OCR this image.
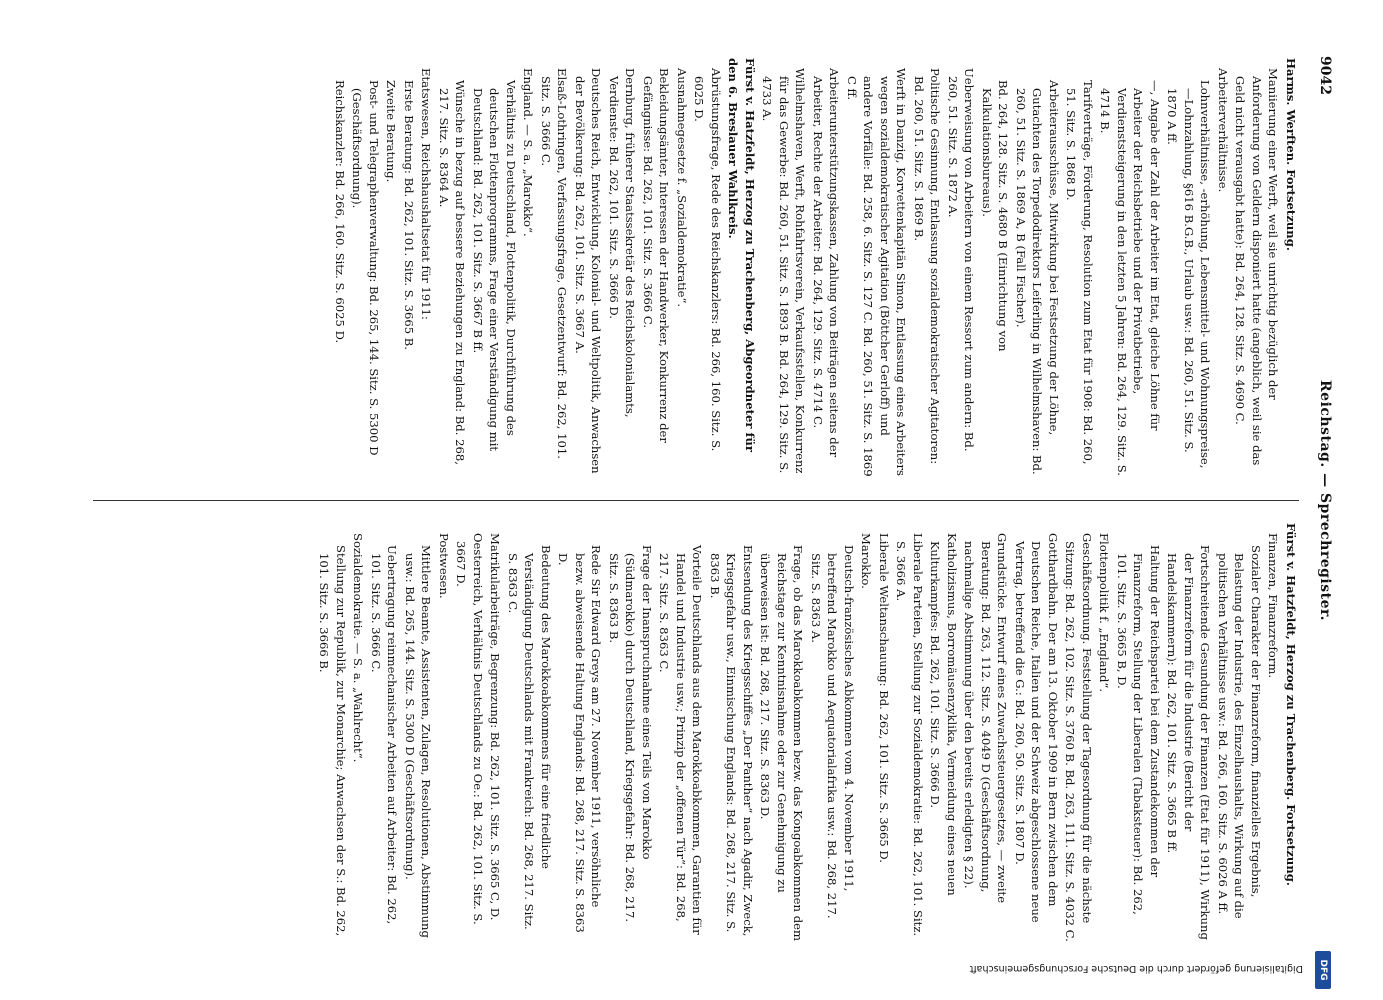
9042
Reichstag. — Sprechregister.
Harms. Werften. Fortsetzung.
Maniierung einer Werft, weil sie unrichtig bezüglich der Anforderung von Geldern disponiert hatte (angeblich, weil sie das Geld nicht verausgabt hatte): Bd. 264, 128. Sitz. S. 4690 C.
Arbeiterverhältnisse.
Lohnverhältnisse, -erhöhung, Lebensmittel- und Wohnungspreise, —Lohnzahlung, §616 B.G.B., Urlaub usw.: Bd. 260, 51. Sitz. S. 1870 A ff.
—, Angabe der Zahl der Arbeiter im Etat, gleiche Löhne für Arbeiter der Reichsbetriebe und der Privatbetriebe, Verdienststeigerung in den letzten 5 Jahren: Bd. 264, 129. Sitz. S. 4714 B.
Tarifverträge, Förderung, Resolution zum Etat für 1908: Bd. 260, 51. Sitz. S. 1868 D.
Arbeiterausschüsse, Mitwirkung bei Festsetzung der Löhne, Gutachten des Torpedodirektors Leiferling in Wilhelmshaven: Bd. 260, 51. Sitz. S. 1869 A, B (Fall Fischer).
Bd. 264, 128. Sitz. S. 4680 B (Einrichtung von Kalkulationsbureaus).
Ueberweisung von Arbeitern von einem Ressort zum andern: Bd. 260, 51. Sitz. S. 1872 A.
Politische Gesinnung, Entlassung sozialdemokratischer Agitatoren: Bd. 260, 51. Sitz. S. 1869 B.
Werft in Danzig, Korvettenkapitän Simon, Entlassung eines Arbeiters wegen sozialdemokratischer Agitation (Böttcher Gerloff) und andere Vorfälle: Bd. 258, 6. Sitz. S. 127 C. Bd. 260, 51. Sitz. S. 1869 C ff.
Arbeiterunterstützungskassen, Zahlung von Beiträgen seitens der Arbeiter, Rechte der Arbeiter: Bd. 264, 129. Sitz. S. 4714 C.
Wilhelmshaven, Werft, Rohfahrtsverein, Verkaufsstellen, Konkurrenz für das Gewerbe: Bd. 260, 51. Sitz. S. 1893 B. Bd. 264, 129. Sitz. S. 4733 A.
Fürst v. Hatzfeldt, Herzog zu Trachenberg, Abgeordneter für den 6. Breslauer Wahlkreis.
Abrüstungsfrage, Rede des Reichskanzlers: Bd. 266, 160. Sitz. S. 6025 D.
Ausnahmegesetze f. „Sozialdemokratie“.
Bekleidungsämter, Interessen der Handwerker, Konkurrenz der Gefängnisse: Bd. 262, 101. Sitz. S. 3666 C.
Dernburg, früherer Staatssekretär des Reichskolonialamts, Verdienste: Bd. 262, 101. Sitz. S. 3666 D.
Deutsches Reich, Entwicklung, Kolonial- und Weltpolitik, Anwachsen der Bevölkerung: Bd. 262, 101. Sitz. S. 3667 A.
Elsaß-Lothringen, Verfassungsfrage, Gesetzentwurf: Bd. 262, 101. Sitz. S. 3666 C.
England. — S. a. „Marokko“.
Verhältnis zu Deutschland, Flottenpolitik, Durchführung des deutschen Flottenprogramms, Frage einer Verständigung mit Deutschland: Bd. 262, 101. Sitz. S. 3667 B ff.
Wünsche in bezug auf bessere Beziehungen zu England: Bd. 268, 217. Sitz. S. 8364 A.
Etatswesen, Reichshaushaltsetat für 1911:
Erste Beratung: Bd. 262, 101. Sitz. S. 3665 B.
Zweite Beratung.
Post- und Telegraphenverwaltung: Bd. 265, 144. Sitz. S. 5300 D (Geschäftsordnung).
Reichskanzler: Bd. 266, 160. Sitz. S. 6025 D.
Fürst v. Hatzfeldt, Herzog zu Trachenberg. Fortsetzung.
Finanzen, Finanzreform.
Sozialer Charakter der Finanzreform, finanzielles Ergebnis, Belastung der Industrie, des Einzelhaushalts, Wirkung auf die politischen Verhältnisse usw.: Bd. 266, 160. Sitz. S. 6026 A ff.
Fortschreitende Gesundung der Finanzen (Etat für 1911), Wirkung der Finanzreform für die Industrie (Bericht der Handelskammern): Bd. 262, 101. Sitz. S. 3665 B ff.
Haltung der Reichspartei bei dem Zustandekommen der Finanzreform, Stellung der Liberalen (Tabaksteuer): Bd. 262, 101. Sitz. S. 3665 B, D.
Flottenpolitik f. „England“.
Geschäftsordnung. Feststellung der Tagesordnung für die nächste Sitzung: Bd. 262, 102. Sitz. S. 3760 B. Bd. 263, 111. Sitz. S. 4032 C.
Gotthardbahn. Der am 13. Oktober 1909 in Bern zwischen dem Deutschen Reiche, Italien und der Schweiz abgeschlossene neue Vertrag, betreffend die G.: Bd. 260, 50. Sitz. S. 1807 D.
Grundstücke. Entwurf eines Zuwachssteuergesetzes, — zweite Beratung: Bd. 263, 112. Sitz. S. 4049 D (Geschäftsordnung, nachmalige Abstimmung über den bereits erledigten § 22).
Katholizismus, Borromäusenzyklika, Vermeidung eines neuen Kulturkampfes: Bd. 262, 101. Sitz. S. 3666 D.
Liberale Parteien, Stellung zur Sozialdemokratie: Bd. 262, 101. Sitz. S. 3666 A.
Liberale Weltanschauung: Bd. 262, 101. Sitz. S. 3665 D.
Marokko.
Deutsch-französisches Abkommen vom 4. November 1911, betreffend Marokko und Aequatorialafrika usw.: Bd. 268, 217. Sitz. S. 8363 A.
Frage, ob das Marokkoabkommen bezw. das Kongoabkommen dem Reichstage zur Kenntnisnahme oder zur Genehmigung zu überweisen ist: Bd. 268, 217. Sitz. S. 8363 D.
Entsendung des Kriegsschiffes „Der Panther“ nach Agadir, Zweck, Kriegsgefahr usw., Einmischung Englands: Bd. 268, 217. Sitz. S. 8363 B.
Vorteile Deutschlands aus dem Marokkoabkommen, Garantien für Handel und Industrie usw.; Prinzip der „offenen Tür“: Bd. 268, 217. Sitz. S. 8363 C.
Frage der Inanspruchnahme eines Teils von Marokko (Südmarokko) durch Deutschland, Kriegsgefahr: Bd. 268, 217. Sitz. S. 8363 B.
Rede Sir Edward Greys am 27. November 1911, versöhnliche bezw. abweisende Haltung Englands: Bd. 268, 217. Sitz. S. 8363 D.
Bedeutung des Marokkoabkommens für eine friedliche Verständigung Deutschlands mit Frankreich: Bd. 268, 217. Sitz. S. 8363 C.
Matrikularbeiträge, Begrenzung: Bd. 262, 101. Sitz. S. 3665 C, D.
Oesterreich, Verhältnis Deutschlands zu Oe.: Bd. 262, 101. Sitz. S. 3667 D.
Postwesen.
Mittlere Beamte, Assistenten, Zulagen, Resolutionen, Abstimmung usw.: Bd. 265, 144. Sitz. S. 5300 D (Geschäftsordnung).
Uebertragung reinmechanischer Arbeiten auf Arbeiter: Bd. 262, 101. Sitz. S. 3666 C.
Sozialdemokratie. — S. a. „Wahlrecht“.
Stellung zur Republik, zur Monarchie; Anwachsen der S.: Bd. 262, 101. Sitz. S. 3666 B.
Digitalisierung gefördert durch die Deutsche Forschungsgemeinschaft	DFG
